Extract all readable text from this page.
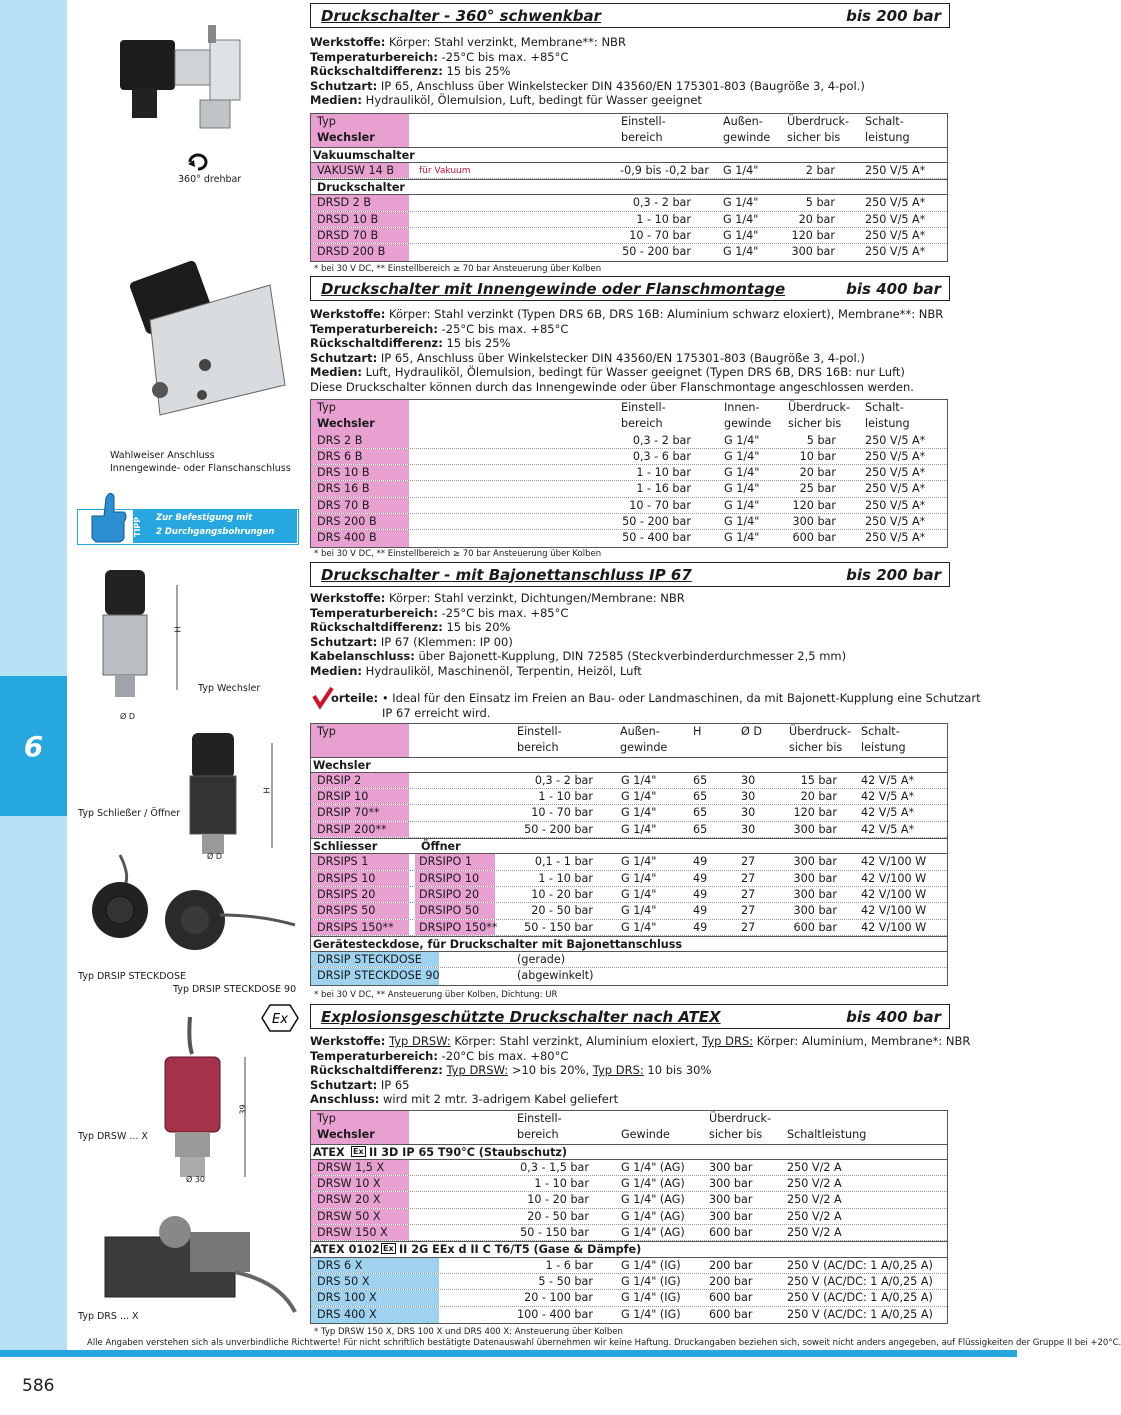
6
586
Alle Angaben verstehen sich als unverbindliche Richtwerte! Für nicht schriftlich bestätigte Datenauswahl übernehmen wir keine Haftung. Druckangaben beziehen sich, soweit nicht anders angegeben, auf Flüssigkeiten der Gruppe II bei +20°C.
Druckschalter - 360° schwenkbar	bis 200 bar
Werkstoffe: Körper: Stahl verzinkt, Membrane**: NBR
Temperaturbereich: -25°C bis max. +85°C
Rückschaltdifferenz: 15 bis 25%
Schutzart: IP 65, Anschluss über Winkelstecker DIN 43560/EN 175301-803 (Baugröße 3, 4-pol.)
Medien: Hydrauliköl, Ölemulsion, Luft, bedingt für Wasser geeignet
Typ	Einstell-	Außen- Überdruck- Schalt-
Wechsler	bereich	gewinde sicher bis leistung
Vakuumschalter
VAKUSW 14 B	für Vakuum	-0,9 bis -0,2 bar G 1/4"	2 bar	250 V/5 A*
Druckschalter
DRSD 2 B	0,3 - 2 bar	G 1/4"	5 bar	250 V/5 A*
DRSD 10 B	1 - 10 bar	G 1/4"	20 bar	250 V/5 A*
DRSD 70 B	10 - 70 bar	G 1/4"	120 bar	250 V/5 A*
DRSD 200 B	50 - 200 bar	G 1/4"	300 bar	250 V/5 A*
* bei 30 V DC, ** Einstellbereich ≥ 70 bar Ansteuerung über Kolben
360° drehbar
Druckschalter mit Innengewinde oder Flanschmontage	bis 400 bar
Werkstoffe: Körper: Stahl verzinkt (Typen DRS 6B, DRS 16B: Aluminium schwarz eloxiert), Membrane**: NBR
Temperaturbereich: -25°C bis max. +85°C
Rückschaltdifferenz: 15 bis 25%
Schutzart: IP 65, Anschluss über Winkelstecker DIN 43560/EN 175301-803 (Baugröße 3, 4-pol.)
Medien: Luft, Hydrauliköl, Ölemulsion, bedingt für Wasser geeignet (Typen DRS 6B, DRS 16B: nur Luft)
Diese Druckschalter können durch das Innengewinde oder über Flanschmontage angeschlossen werden.
Typ	Einstell-	Innen-	Überdruck- Schalt-
Wechsler	bereich	gewinde sicher bis leistung
DRS 2 B	0,3 - 2 bar	G 1/4"	5 bar	250 V/5 A*
DRS 6 B	0,3 - 6 bar	G 1/4"	10 bar	250 V/5 A*
DRS 10 B	1 - 10 bar	G 1/4"	20 bar	250 V/5 A*
DRS 16 B	1 - 16 bar	G 1/4"	25 bar	250 V/5 A*
DRS 70 B	10 - 70 bar	G 1/4"	120 bar	250 V/5 A*
DRS 200 B	50 - 200 bar	G 1/4"	300 bar	250 V/5 A*
DRS 400 B	50 - 400 bar	G 1/4"	600 bar	250 V/5 A*
* bei 30 V DC, ** Einstellbereich ≥ 70 bar Ansteuerung über Kolben
Wahlweiser Anschluss
Innengewinde- oder Flanschanschluss
TIPP	Zur Befestigung mit
2 Durchgangsbohrungen
Druckschalter - mit Bajonettanschluss IP 67	bis 200 bar
Werkstoffe: Körper: Stahl verzinkt, Dichtungen/Membrane: NBR
Temperaturbereich: -25°C bis max. +85°C
Rückschaltdifferenz: 15 bis 20%
Schutzart: IP 67 (Klemmen: IP 00)
Kabelanschluss: über Bajonett-Kupplung, DIN 72585 (Steckverbinderdurchmesser 2,5 mm)
Medien: Hydrauliköl, Maschinenöl, Terpentin, Heizöl, Luft
orteile: • Ideal für den Einsatz im Freien an Bau- oder Landmaschinen, da mit Bajonett-Kupplung eine Schutzart
IP 67 erreicht wird.
Typ	Einstell-	Außen-	H	Ø D Überdruck- Schalt-
bereich	gewinde	sicher bis leistung
Wechsler
DRSIP 2	0,3 - 2 bar	G 1/4"	65	30	15 bar 42 V/5 A*
DRSIP 10	1 - 10 bar	G 1/4"	65	30	20 bar 42 V/5 A*
DRSIP 70**	10 - 70 bar	G 1/4"	65	30	120 bar 42 V/5 A*
DRSIP 200**	50 - 200 bar	G 1/4"	65	30	300 bar 42 V/5 A*
Schliesser	Öffner
DRSIPS 1	DRSIPO 1	0,1 - 1 bar	G 1/4"	49	27	300 bar 42 V/100 W
DRSIPS 10	DRSIPO 10	1 - 10 bar	G 1/4"	49	27	300 bar 42 V/100 W
DRSIPS 20	DRSIPO 20	10 - 20 bar	G 1/4"	49	27	300 bar 42 V/100 W
DRSIPS 50	DRSIPO 50	20 - 50 bar	G 1/4"	49	27	300 bar 42 V/100 W
DRSIPS 150** DRSIPO 150**	50 - 150 bar	G 1/4"	49	27	600 bar 42 V/100 W
Gerätesteckdose, für Druckschalter mit Bajonettanschluss
DRSIP STECKDOSE	(gerade)
DRSIP STECKDOSE 90	(abgewinkelt)
* bei 30 V DC, ** Ansteuerung über Kolben, Dichtung: UR
H
Typ Wechsler
Ø D
H
Typ Schließer / Öffner
Ø D
Typ DRSIP STECKDOSE
Typ DRSIP STECKDOSE 90
Ex Explosionsgeschützte Druckschalter nach ATEX	bis 400 bar
Werkstoffe: Typ DRSW: Körper: Stahl verzinkt, Aluminium eloxiert, Typ DRS: Körper: Aluminium, Membrane*: NBR
Temperaturbereich: -20°C bis max. +80°C
Rückschaltdifferenz: Typ DRSW: >10 bis 20%, Typ DRS: 10 bis 30%
Schutzart: IP 65
Anschluss: wird mit 2 mtr. 3-adrigem Kabel geliefert
Typ	Einstell-	Überdruck-
Wechsler	bereich	Gewinde	sicher bis Schaltleistung
ATEX Ex II 3D IP 65 T90°C (Staubschutz)
DRSW 1,5 X	0,3 - 1,5 bar	G 1/4" (AG) 300 bar	250 V/2 A
DRSW 10 X	1 - 10 bar	G 1/4" (AG) 300 bar	250 V/2 A
DRSW 20 X	10 - 20 bar	G 1/4" (AG) 300 bar	250 V/2 A
DRSW 50 X	20 - 50 bar	G 1/4" (AG) 300 bar	250 V/2 A
DRSW 150 X	50 - 150 bar	G 1/4" (AG) 600 bar	250 V/2 A
ATEX 0102 Ex II 2G EEx d II C T6/T5 (Gase & Dämpfe)
DRS 6 X	1 - 6 bar	G 1/4" (IG)	200 bar	250 V (AC/DC: 1 A/0,25 A)
DRS 50 X	5 - 50 bar	G 1/4" (IG)	200 bar	250 V (AC/DC: 1 A/0,25 A)
DRS 100 X	20 - 100 bar	G 1/4" (IG)	600 bar	250 V (AC/DC: 1 A/0,25 A)
DRS 400 X	100 - 400 bar	G 1/4" (IG)	600 bar	250 V (AC/DC: 1 A/0,25 A)
* Typ DRSW 150 X, DRS 100 X und DRS 400 X: Ansteuerung über Kolben
39
Typ DRSW ... X
Ø 30
Typ DRS ... X
